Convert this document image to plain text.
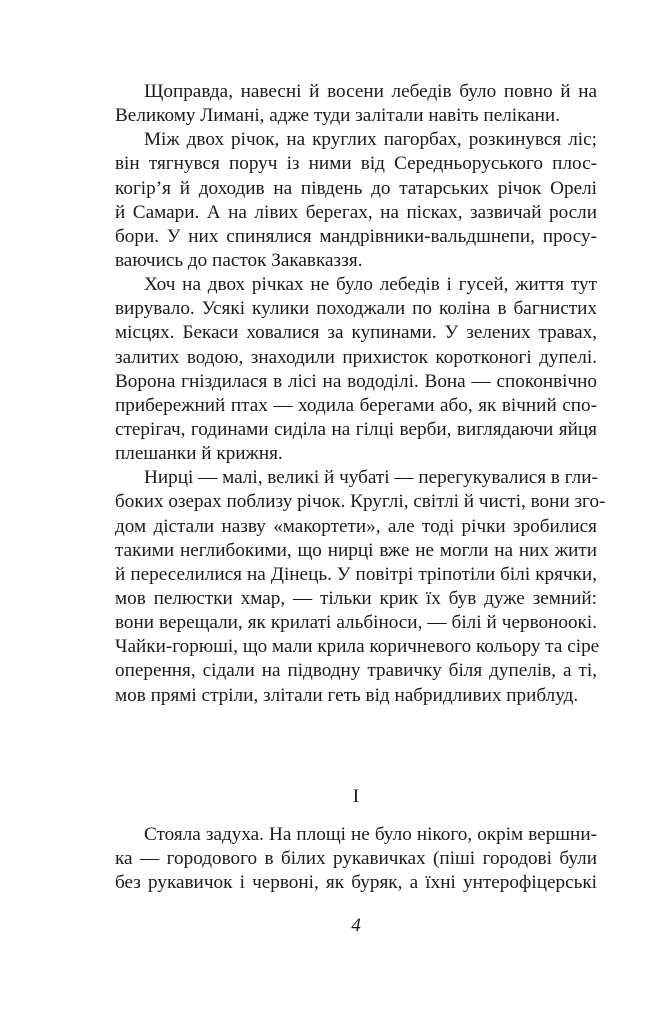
Щоправда, навесні й восени лебедів було повно й на
Великому Лимані, адже туди залітали навіть пелікани.
Між двох річок, на круглих пагорбах, розкинувся ліс;
він тягнувся поруч із ними від Середньоруського плос-
когір’я й доходив на південь до татарських річок Орелі
й Самари. А на лівих берегах, на пісках, зазвичай росли
бори. У них спинялися мандрівники-вальдшнепи, просу-
ваючись до пасток Закавказзя.
Хоч на двох річках не було лебедів і гусей, життя тут
вирувало. Усякі кулики походжали по коліна в багнистих
місцях. Бекаси ховалися за купинами. У зелених травах,
залитих водою, знаходили прихисток коротконогі дупелі.
Ворона гніздилася в лісі на вододілі. Вона — споконвічно
прибережний птах — ходила берегами або, як вічний спо-
стерігач, годинами сиділа на гілці верби, виглядаючи яйця
плешанки й крижня.
Нирці — малі, великі й чубаті — перегукувалися в гли-
боких озерах поблизу річок. Круглі, світлі й чисті, вони зго-
дом дістали назву «макортети», але тоді річки зробилися
такими неглибокими, що нирці вже не могли на них жити
й переселилися на Дінець. У повітрі тріпотіли білі крячки,
мов пелюстки хмар, — тільки крик їх був дуже земний:
вони верещали, як крилаті альбіноси, — білі й червоноокі.
Чайки-горюші, що мали крила коричневого кольору та сіре
оперення, сідали на підводну травичку біля дупелів, а ті,
мов прямі стріли, злітали геть від набридливих приблуд.
I
Стояла задуха. На площі не було нікого, окрім вершни-
ка — городового в білих рукавичках (піші городові були
без рукавичок і червоні, як буряк, а їхні унтерофіцерські
4
